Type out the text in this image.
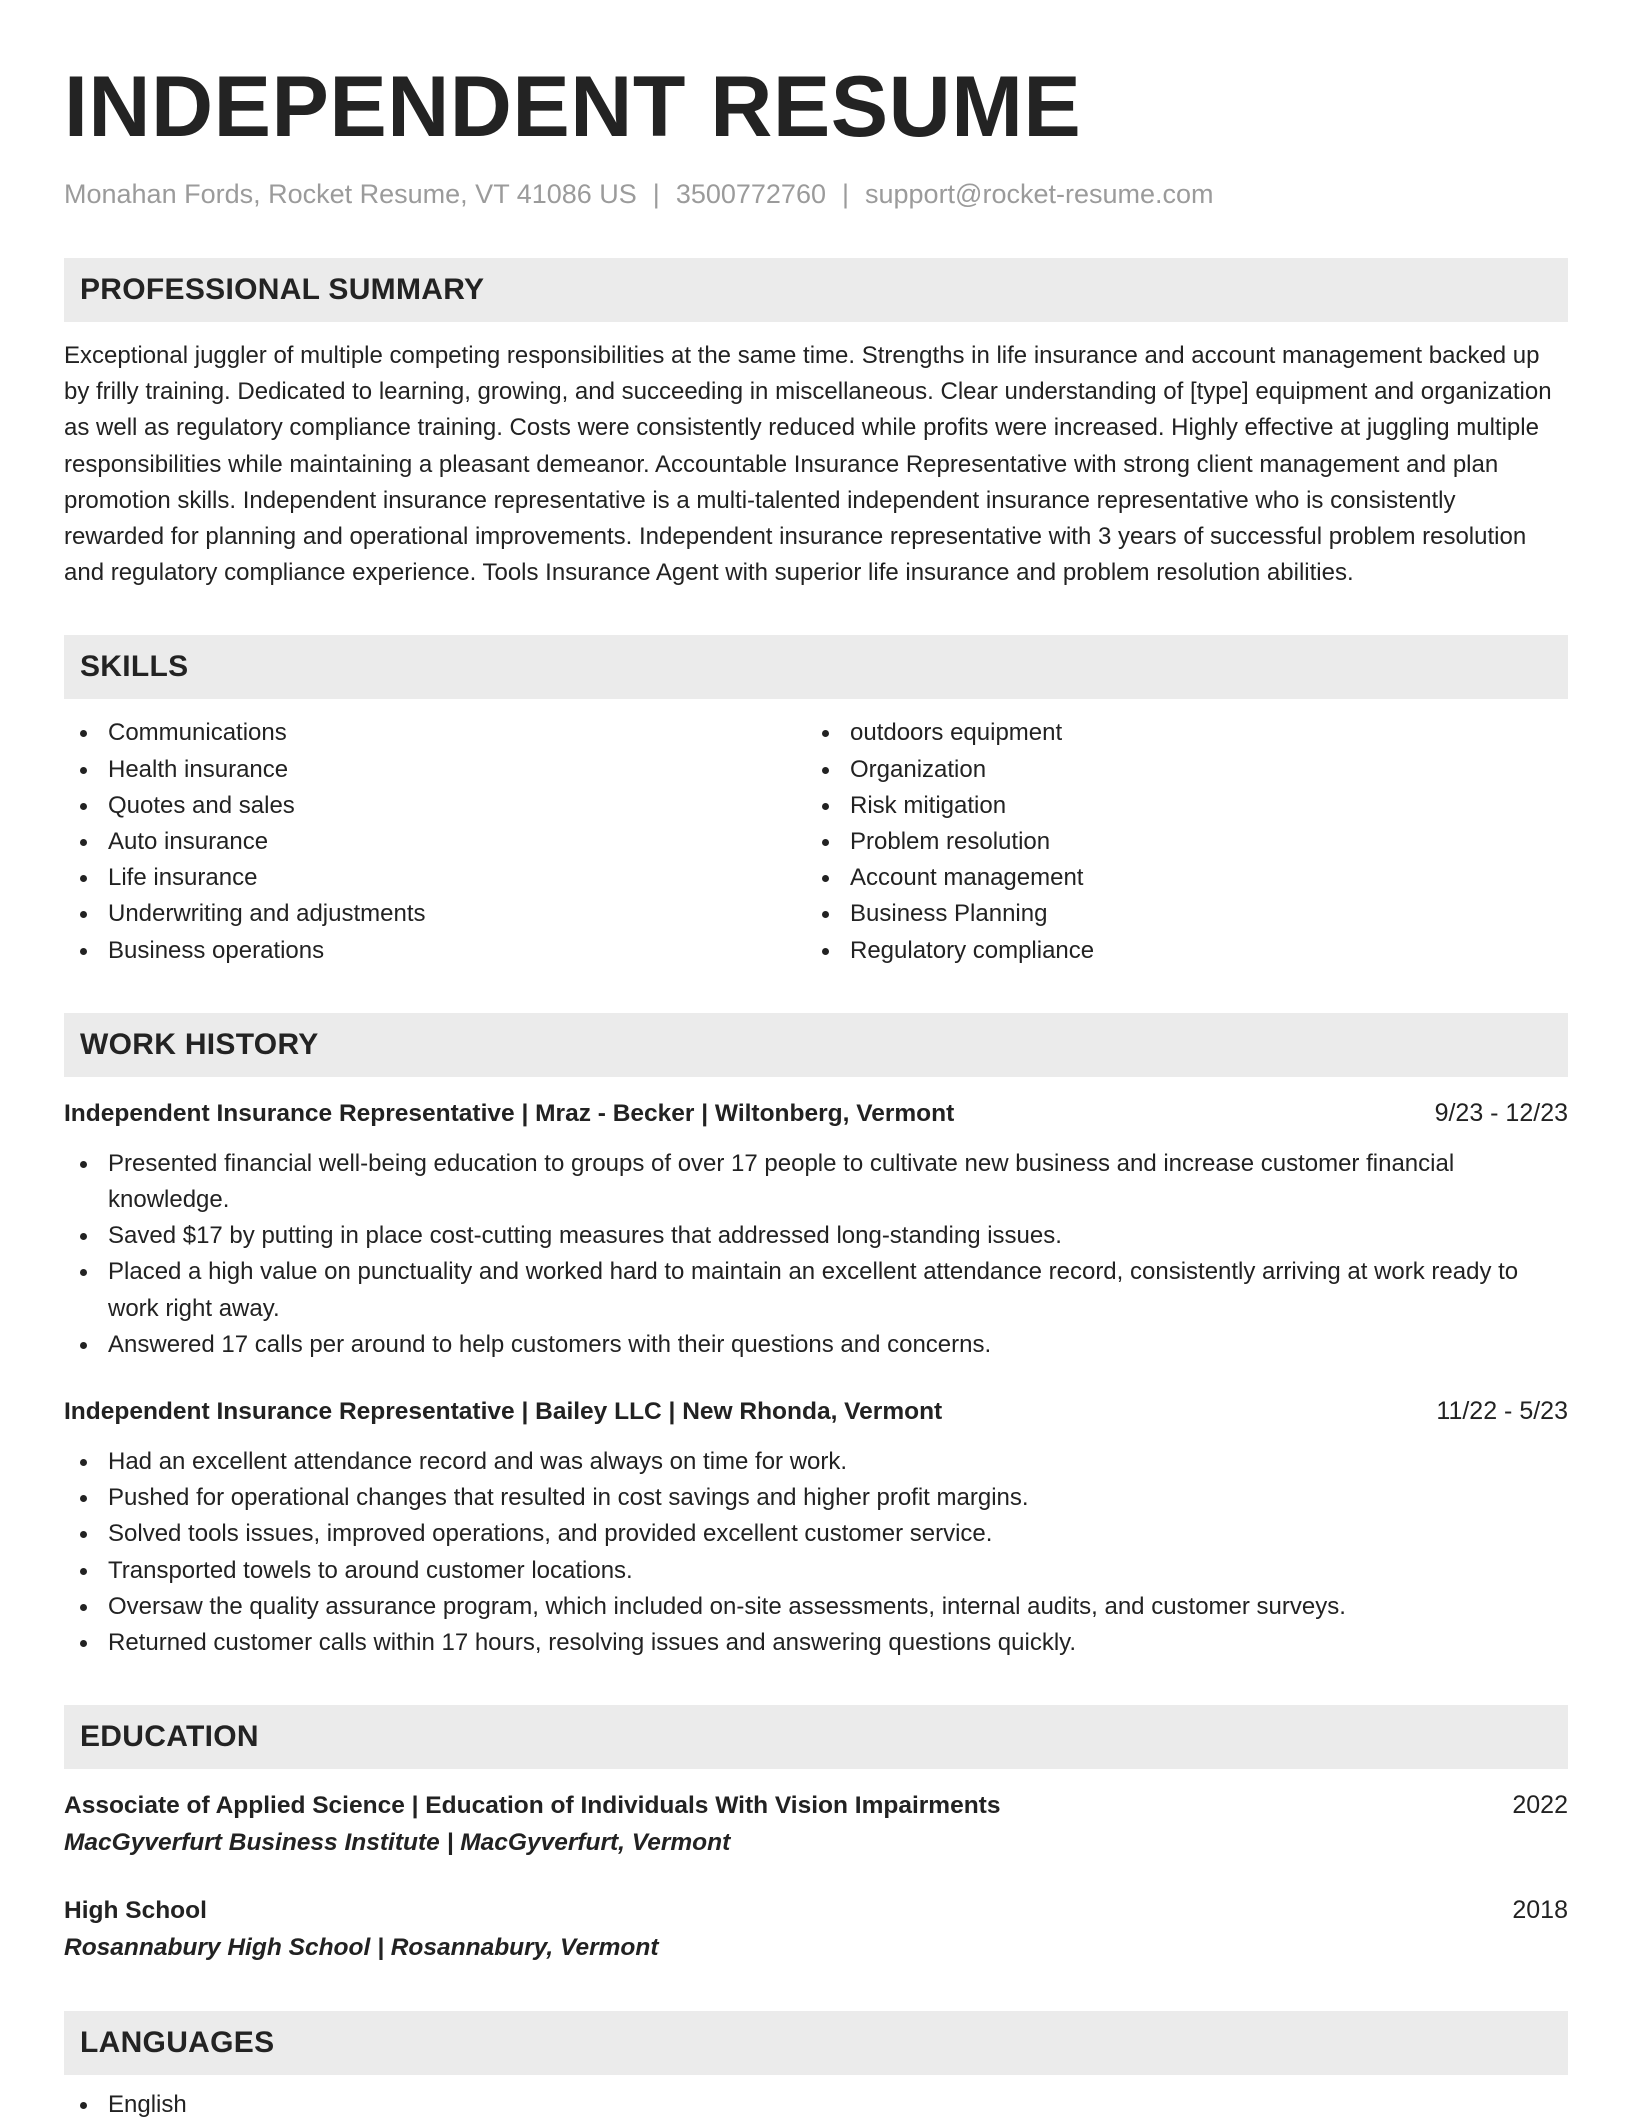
INDEPENDENT RESUME
Monahan Fords, Rocket Resume, VT 41086 US | 3500772760 | support@rocket-resume.com
PROFESSIONAL SUMMARY
Exceptional juggler of multiple competing responsibilities at the same time. Strengths in life insurance and account management backed up by frilly training. Dedicated to learning, growing, and succeeding in miscellaneous. Clear understanding of [type] equipment and organization as well as regulatory compliance training. Costs were consistently reduced while profits were increased. Highly effective at juggling multiple responsibilities while maintaining a pleasant demeanor. Accountable Insurance Representative with strong client management and plan promotion skills. Independent insurance representative is a multi-talented independent insurance representative who is consistently rewarded for planning and operational improvements. Independent insurance representative with 3 years of successful problem resolution and regulatory compliance experience. Tools Insurance Agent with superior life insurance and problem resolution abilities.
SKILLS
Communications
Health insurance
Quotes and sales
Auto insurance
Life insurance
Underwriting and adjustments
Business operations
outdoors equipment
Organization
Risk mitigation
Problem resolution
Account management
Business Planning
Regulatory compliance
WORK HISTORY
Independent Insurance Representative | Mraz - Becker | Wiltonberg, Vermont	9/23 - 12/23
Presented financial well-being education to groups of over 17 people to cultivate new business and increase customer financial knowledge.
Saved $17 by putting in place cost-cutting measures that addressed long-standing issues.
Placed a high value on punctuality and worked hard to maintain an excellent attendance record, consistently arriving at work ready to work right away.
Answered 17 calls per around to help customers with their questions and concerns.
Independent Insurance Representative | Bailey LLC | New Rhonda, Vermont	11/22 - 5/23
Had an excellent attendance record and was always on time for work.
Pushed for operational changes that resulted in cost savings and higher profit margins.
Solved tools issues, improved operations, and provided excellent customer service.
Transported towels to around customer locations.
Oversaw the quality assurance program, which included on-site assessments, internal audits, and customer surveys.
Returned customer calls within 17 hours, resolving issues and answering questions quickly.
EDUCATION
Associate of Applied Science | Education of Individuals With Vision Impairments	2022
MacGyverfurt Business Institute | MacGyverfurt, Vermont
High School	2018
Rosannabury High School | Rosannabury, Vermont
LANGUAGES
English
